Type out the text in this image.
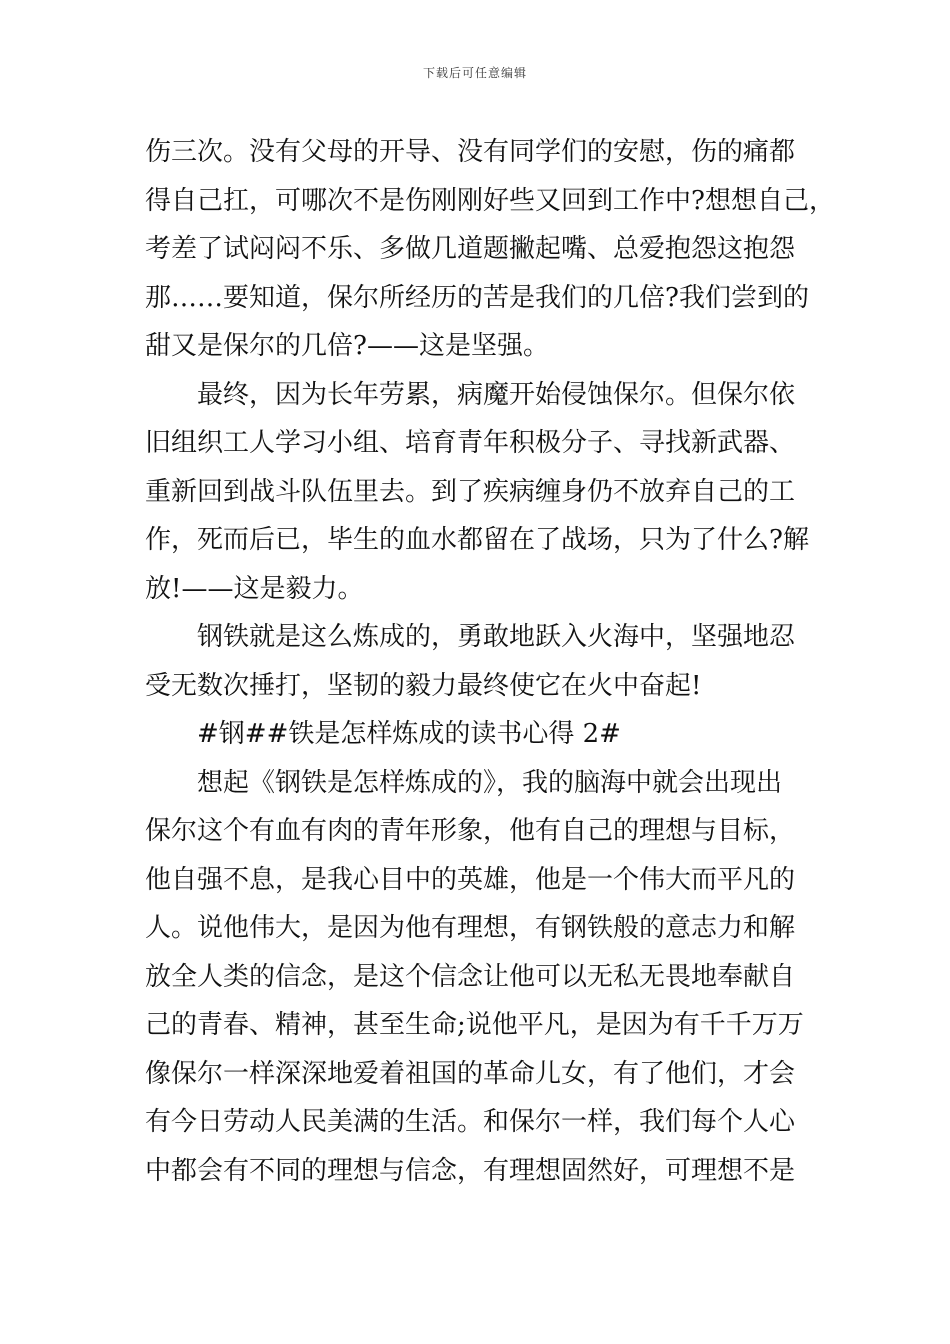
下载后可任意编辑
伤三次。没有父母的开导、没有同学们的安慰，伤的痛都
得自己扛，可哪次不是伤刚刚好些又回到工作中?想想自己，
考差了试闷闷不乐、多做几道题撇起嘴、总爱抱怨这抱怨
那……要知道，保尔所经历的苦是我们的几倍?我们尝到的
甜又是保尔的几倍?——这是坚强。
最终，因为长年劳累，病魔开始侵蚀保尔。但保尔依
旧组织工人学习小组、培育青年积极分子、寻找新武器、
重新回到战斗队伍里去。到了疾病缠身仍不放弃自己的工
作，死而后已，毕生的血水都留在了战场，只为了什么?解
放!——这是毅力。
钢铁就是这么炼成的，勇敢地跃入火海中，坚强地忍
受无数次捶打，坚韧的毅力最终使它在火中奋起!
#钢##铁是怎样炼成的读书心得 2#
想起《钢铁是怎样炼成的》，我的脑海中就会出现出
保尔这个有血有肉的青年形象，他有自己的理想与目标，
他自强不息，是我心目中的英雄，他是一个伟大而平凡的
人。说他伟大，是因为他有理想，有钢铁般的意志力和解
放全人类的信念，是这个信念让他可以无私无畏地奉献自
己的青春、精神，甚至生命;说他平凡，是因为有千千万万
像保尔一样深深地爱着祖国的革命儿女，有了他们，才会
有今日劳动人民美满的生活。和保尔一样，我们每个人心
中都会有不同的理想与信念，有理想固然好，可理想不是
